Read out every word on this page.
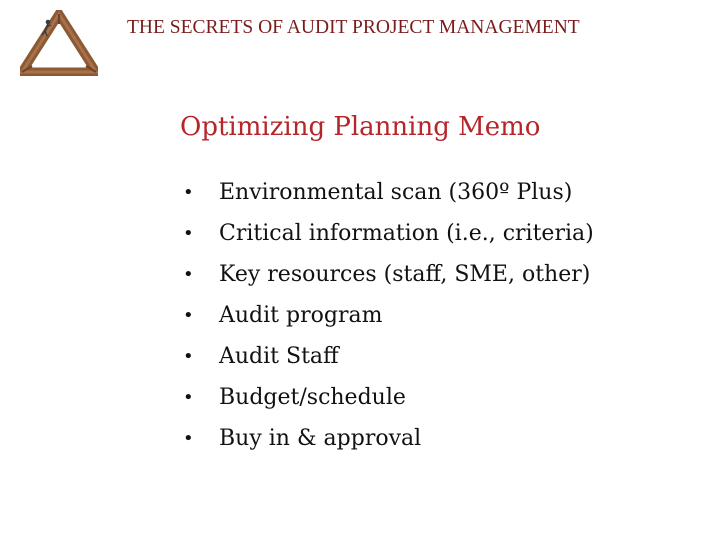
THE SECRETS OF AUDIT PROJECT MANAGEMENT
Optimizing Planning Memo
• Environmental scan (360º Plus)
• Critical information (i.e., criteria)
• Key resources (staff, SME, other)
• Audit program
• Audit Staff
• Budget/schedule
• Buy in & approval
